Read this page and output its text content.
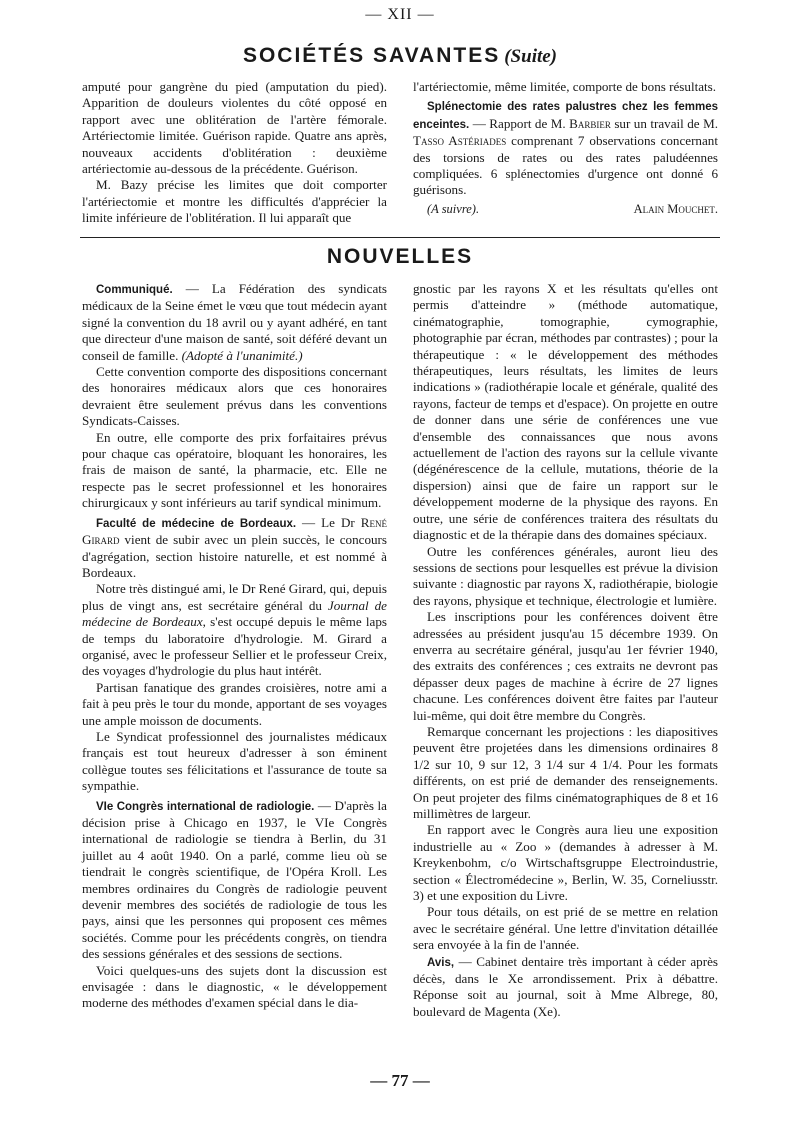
— XII —
SOCIÉTÉS SAVANTES (Suite)

amputé pour gangrène du pied (amputation du pied). Apparition de douleurs violentes du côté opposé en rapport avec une oblitération de l'artère fémorale. Artériectomie limitée. Guérison rapide. Quatre ans après, nouveaux accidents d'oblitération : deuxième artériectomie au-dessous de la précédente. Guérison.

M. Bazy précise les limites que doit comporter l'artériectomie et montre les difficultés d'apprécier la limite inférieure de l'oblitération. Il lui apparaît que

l'artériectomie, même limitée, comporte de bons résultats.

Splénectomie des rates palustres chez les femmes enceintes. — Rapport de M. Barbier sur un travail de M. Tasso Astériades comprenant 7 observations concernant des torsions de rates ou des rates paludéennes compliquées. 6 splénectomies d'urgence ont donné 6 guérisons.

(A suivre).	Alain Mouchet.
NOUVELLES

Communiqué. — La Fédération des syndicats médicaux de la Seine émet le vœu que tout médecin ayant signé la convention du 18 avril ou y ayant adhéré, en tant que directeur d'une maison de santé, soit déféré devant un conseil de famille. (Adopté à l'unanimité.)

Cette convention comporte des dispositions concernant des honoraires médicaux alors que ces honoraires devraient être seulement prévus dans les conventions Syndicats-Caisses.

En outre, elle comporte des prix forfaitaires prévus pour chaque cas opératoire, bloquant les honoraires, les frais de maison de santé, la pharmacie, etc. Elle ne respecte pas le secret professionnel et les honoraires chirurgicaux y sont inférieurs au tarif syndical minimum.

Faculté de médecine de Bordeaux. — Le Dr René Girard vient de subir avec un plein succès, le concours d'agrégation, section histoire naturelle, et est nommé à Bordeaux.

Notre très distingué ami, le Dr René Girard, qui, depuis plus de vingt ans, est secrétaire général du Journal de médecine de Bordeaux, s'est occupé depuis le même laps de temps du laboratoire d'hydrologie. M. Girard a organisé, avec le professeur Sellier et le professeur Creix, des voyages d'hydrologie du plus haut intérêt.

Partisan fanatique des grandes croisières, notre ami a fait à peu près le tour du monde, apportant de ses voyages une ample moisson de documents.

Le Syndicat professionnel des journalistes médicaux français est tout heureux d'adresser à son éminent collègue toutes ses félicitations et l'assurance de toute sa sympathie.

VIe Congrès international de radiologie. — D'après la décision prise à Chicago en 1937, le VIe Congrès international de radiologie se tiendra à Berlin, du 31 juillet au 4 août 1940. On a parlé, comme lieu où se tiendrait le congrès scientifique, de l'Opéra Kroll. Les membres ordinaires du Congrès de radiologie peuvent devenir membres des sociétés de radiologie de tous les pays, ainsi que les personnes qui proposent ces mêmes sociétés. Comme pour les précédents congrès, on tiendra des sessions générales et des sessions de sections.

Voici quelques-uns des sujets dont la discussion est envisagée : dans le diagnostic, « le développement moderne des méthodes d'examen spécial dans le dia-

gnostic par les rayons X et les résultats qu'elles ont permis d'atteindre » (méthode automatique, cinématographie, tomographie, cymographie, photographie par écran, méthodes par contrastes) ; pour la thérapeutique : « le développement des méthodes thérapeutiques, leurs résultats, les limites de leurs indications » (radiothérapie locale et générale, qualité des rayons, facteur de temps et d'espace). On projette en outre de donner dans une série de conférences une vue d'ensemble des connaissances que nous avons actuellement de l'action des rayons sur la cellule vivante (dégénérescence de la cellule, mutations, théorie de la dispersion) ainsi que de faire un rapport sur le développement moderne de la physique des rayons. En outre, une série de conférences traitera des résultats du diagnostic et de la thérapie dans des domaines spéciaux.

Outre les conférences générales, auront lieu des sessions de sections pour lesquelles est prévue la division suivante : diagnostic par rayons X, radiothérapie, biologie des rayons, physique et technique, électrologie et lumière.

Les inscriptions pour les conférences doivent être adressées au président jusqu'au 15 décembre 1939. On enverra au secrétaire général, jusqu'au 1er février 1940, des extraits des conférences ; ces extraits ne devront pas dépasser deux pages de machine à écrire de 27 lignes chacune. Les conférences doivent être faites par l'auteur lui-même, qui doit être membre du Congrès.

Remarque concernant les projections : les diapositives peuvent être projetées dans les dimensions ordinaires 8 1/2 sur 10, 9 sur 12, 3 1/4 sur 4 1/4. Pour les formats différents, on est prié de demander des renseignements. On peut projeter des films cinématographiques de 8 et 16 millimètres de largeur.

En rapport avec le Congrès aura lieu une exposition industrielle au « Zoo » (demandes à adresser à M. Kreykenbohm, c/o Wirtschaftsgruppe Electroindustrie, section « Électromédecine », Berlin, W. 35, Corneliusstr. 3) et une exposition du Livre.

Pour tous détails, on est prié de se mettre en relation avec le secrétaire général. Une lettre d'invitation détaillée sera envoyée à la fin de l'année.

Avis, — Cabinet dentaire très important à céder après décès, dans le Xe arrondissement. Prix à débattre. Réponse soit au journal, soit à Mme Albrege, 80, boulevard de Magenta (Xe).

— 77 —
